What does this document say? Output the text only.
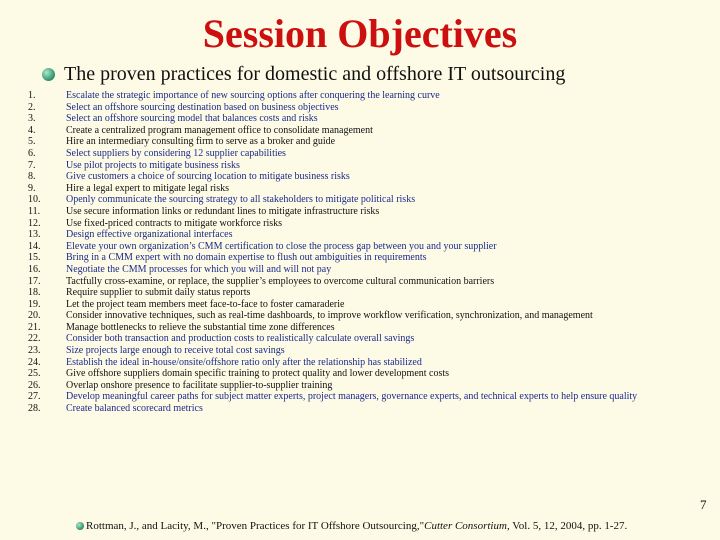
Session Objectives
The proven practices for domestic and offshore IT outsourcing
1.	Escalate the strategic importance of new sourcing options after conquering the learning curve
2.	Select an offshore sourcing destination based on business objectives
3.	Select an offshore sourcing model that balances costs and risks
4.	Create a centralized program management office to consolidate management
5.	Hire an intermediary consulting firm to serve as a broker and guide
6.	Select suppliers by considering 12 supplier capabilities
7.	Use pilot projects to mitigate business risks
8.	Give customers a choice of sourcing location to mitigate business risks
9.	Hire a legal expert to mitigate legal risks
10.	Openly communicate the sourcing strategy to all stakeholders to mitigate political risks
11.	Use secure information links or redundant lines to mitigate infrastructure risks
12.	Use fixed-priced contracts to mitigate workforce risks
13.	Design effective organizational interfaces
14.	Elevate your own organization’s CMM certification to close the process gap between you and your supplier
15.	Bring in a CMM expert with no domain expertise to flush out ambiguities in requirements
16.	Negotiate the CMM processes for which you will and will not pay
17.	Tactfully cross-examine, or replace, the supplier’s employees to overcome cultural communication barriers
18.	Require supplier to submit daily status reports
19.	Let the project team members meet face-to-face to foster camaraderie
20.	Consider innovative techniques, such as real-time dashboards, to improve workflow verification, synchronization, and management
21.	Manage bottlenecks to relieve the substantial time zone differences
22.	Consider both transaction and production costs to realistically calculate overall savings
23.	Size projects large enough to receive total cost savings
24.	Establish the ideal in-house/onsite/offshore ratio only after the relationship has stabilized
25.	Give offshore suppliers domain specific training to protect quality and lower development costs
26.	Overlap onshore presence to facilitate supplier-to-supplier training
27.	Develop meaningful career paths for subject matter experts, project managers, governance experts, and technical experts to help ensure quality
28.	Create balanced scorecard metrics
7
Rottman, J., and Lacity, M., "Proven Practices for IT Offshore Outsourcing," Cutter Consortium , Vol. 5, 12, 2004, pp. 1-27.
